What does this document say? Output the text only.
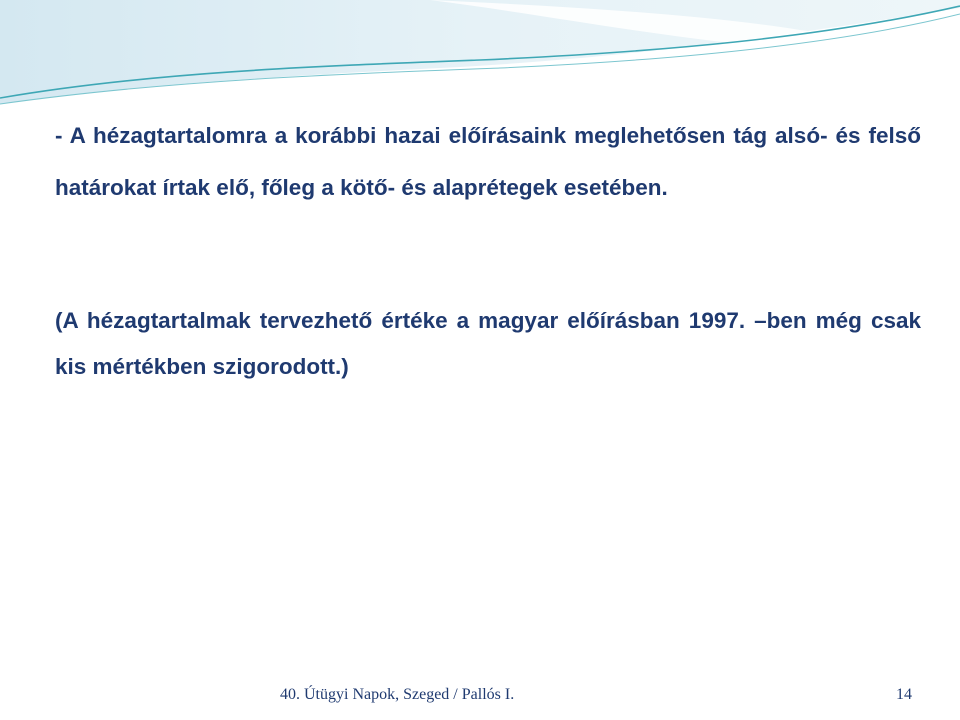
- A hézagtartalomra a korábbi hazai előírásaink meglehetősen tág alsó- és felső határokat írtak elő, főleg a kötő- és alaprétegek esetében.

(A hézagtartalmak tervezhető értéke a magyar előírásban 1997. –ben még csak kis mértékben szigorodott.)

40. Útügyi Napok, Szeged / Pallós I.	14
